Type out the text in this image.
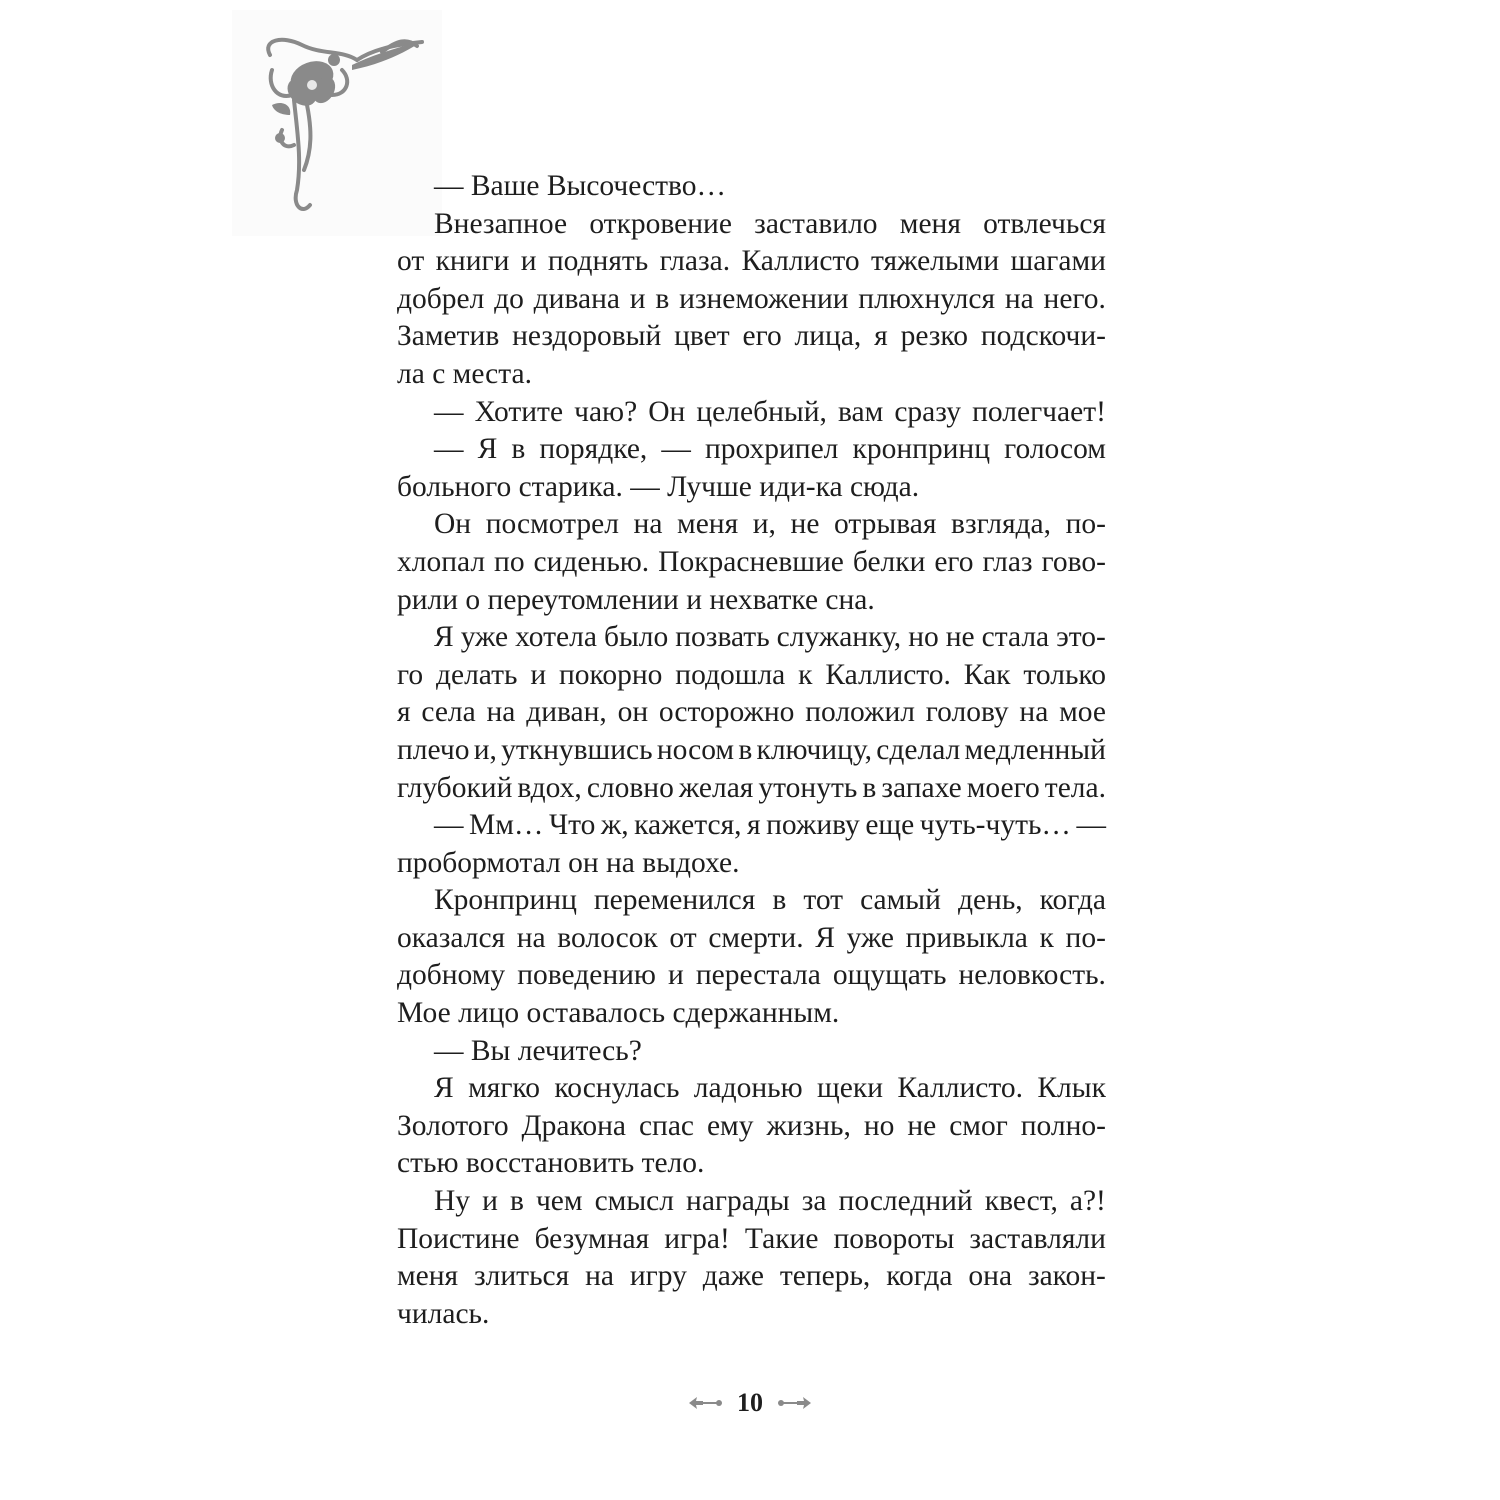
— Ваше Высочество…
Внезапное откровение заставило меня отвлечься
от книги и поднять глаза. Каллисто тяжелыми шагами
добрел до дивана и в изнеможении плюхнулся на него.
Заметив нездоровый цвет его лица, я резко подскочи-
ла с места.
— Хотите чаю? Он целебный, вам сразу полегчает!
— Я в порядке, — прохрипел кронпринц голосом
больного старика. — Лучше иди-ка сюда.
Он посмотрел на меня и, не отрывая взгляда, по-
хлопал по сиденью. Покрасневшие белки его глаз гово-
рили о переутомлении и нехватке сна.
Я уже хотела было позвать служанку, но не стала это-
го делать и покорно подошла к Каллисто. Как только
я села на диван, он осторожно положил голову на мое
плечо и, уткнувшись носом в ключицу, сделал медленный
глубокий вдох, словно желая утонуть в запахе моего тела.
— Мм… Что ж, кажется, я поживу еще чуть-чуть… —
пробормотал он на выдохе.
Кронпринц переменился в тот самый день, когда
оказался на волосок от смерти. Я уже привыкла к по-
добному поведению и перестала ощущать неловкость.
Мое лицо оставалось сдержанным.
— Вы лечитесь?
Я мягко коснулась ладонью щеки Каллисто. Клык
Золотого Дракона спас ему жизнь, но не смог полно-
стью восстановить тело.
Ну и в чем смысл награды за последний квест, а?!
Поистине безумная игра! Такие повороты заставляли
меня злиться на игру даже теперь, когда она закон-
чилась.
10
